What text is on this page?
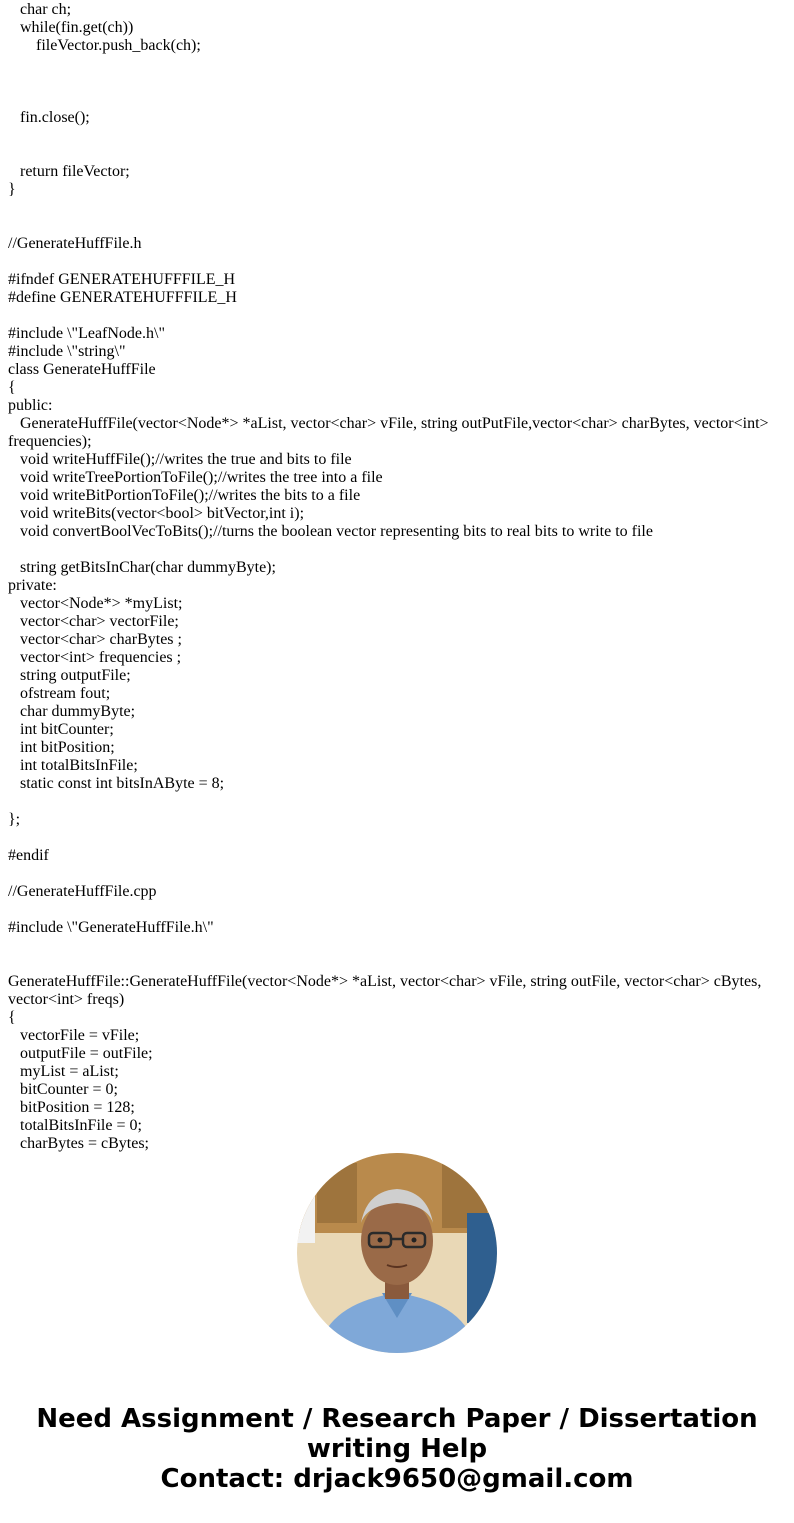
char ch;
while(fin.get(ch))
fileVector.push_back(ch);
fin.close();
return fileVector;
}
//GenerateHuffFile.h
#ifndef GENERATEHUFFFILE_H
#define GENERATEHUFFFILE_H
#include \"LeafNode.h\"
#include \"string\"
class GenerateHuffFile
{
public:
GenerateHuffFile(vector<Node*> *aList, vector<char> vFile, string outPutFile,vector<char> charBytes, vector<int> frequencies);
void writeHuffFile();//writes the true and bits to file
void writeTreePortionToFile();//writes the tree into a file
void writeBitPortionToFile();//writes the bits to a file
void writeBits(vector<bool> bitVector,int i);
void convertBoolVecToBits();//turns the boolean vector representing bits to real bits to write to file
string getBitsInChar(char dummyByte);
private:
vector<Node*> *myList;
vector<char> vectorFile;
vector<char> charBytes ;
vector<int> frequencies ;
string outputFile;
ofstream fout;
char dummyByte;
int bitCounter;
int bitPosition;
int totalBitsInFile;
static const int bitsInAByte = 8;
};
#endif
//GenerateHuffFile.cpp
#include \"GenerateHuffFile.h\"
GenerateHuffFile::GenerateHuffFile(vector<Node*> *aList, vector<char> vFile, string outFile, vector<char> cBytes, vector<int> freqs)
{
vectorFile = vFile;
outputFile = outFile;
myList = aList;
bitCounter = 0;
bitPosition = 128;
totalBitsInFile = 0;
charBytes = cBytes;
Need Assignment / Research Paper / Dissertation
writing Help
Contact: drjack9650@gmail.com
